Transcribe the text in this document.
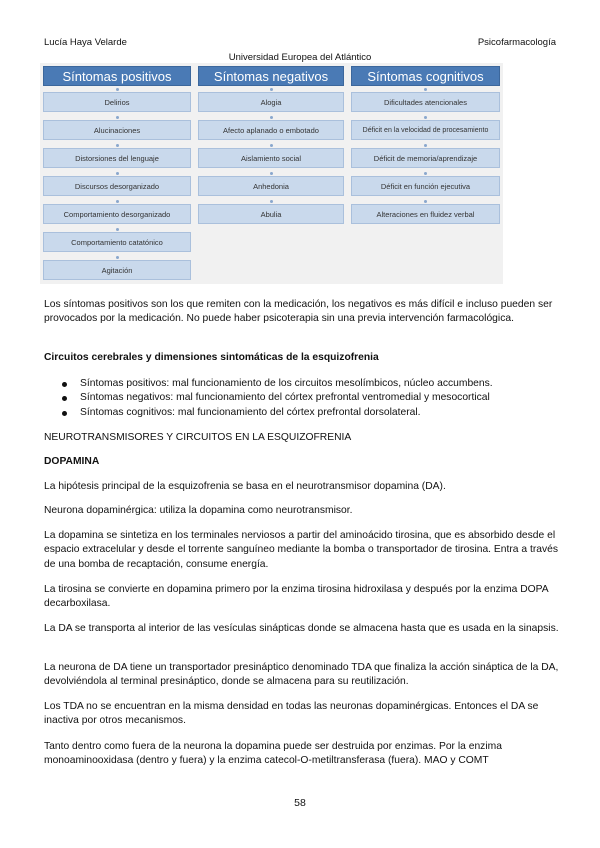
Lucía Haya Velarde	Psicofarmacología
Universidad Europea del Atlántico
Síntomas positivos
Delirios
Alucinaciones
Distorsiones del lenguaje
Discursos desorganizado
Comportamiento desorganizado
Comportamiento catatónico
Agitación
Síntomas negativos
Alogia
Afecto aplanado o embotado
Aislamiento social
Anhedonia
Abulia
Síntomas cognitivos
Dificultades atencionales
Déficit en la velocidad de procesamiento
Déficit de memoria/aprendizaje
Déficit en función ejecutiva
Alteraciones en fluidez verbal

Los síntomas positivos son los que remiten con la medicación, los negativos es más difícil e incluso pueden ser provocados por la medicación. No puede haber psicoterapia sin una previa intervención farmacológica.

Circuitos cerebrales y dimensiones sintomáticas de la esquizofrenia

Síntomas positivos: mal funcionamiento de los circuitos mesolímbicos, núcleo accumbens.
Síntomas negativos: mal funcionamiento del córtex prefrontal ventromedial y mesocortical
Síntomas cognitivos: mal funcionamiento del córtex prefrontal dorsolateral.

NEUROTRANSMISORES Y CIRCUITOS EN LA ESQUIZOFRENIA

DOPAMINA

La hipótesis principal de la esquizofrenia se basa en el neurotransmisor dopamina (DA).

Neurona dopaminérgica: utiliza la dopamina como neurotransmisor.

La dopamina se sintetiza en los terminales nerviosos a partir del aminoácido tirosina, que es absorbido desde el espacio extracelular y desde el torrente sanguíneo mediante la bomba o transportador de tirosina. Entra a través de una bomba de recaptación, consume energía.

La tirosina se convierte en dopamina primero por la enzima tirosina hidroxilasa y después por la enzima DOPA decarboxilasa.

La DA se transporta al interior de las vesículas sinápticas donde se almacena hasta que es usada en la sinapsis.

La neurona de DA tiene un transportador presináptico denominado TDA que finaliza la acción sináptica de la DA, devolviéndola al terminal presináptico, donde se almacena para su reutilización.

Los TDA no se encuentran en la misma densidad en todas las neuronas dopaminérgicas. Entonces el DA se inactiva por otros mecanismos.

Tanto dentro como fuera de la neurona la dopamina puede ser destruida por enzimas. Por la enzima monoaminooxidasa (dentro y fuera) y la enzima catecol-O-metiltransferasa (fuera). MAO y COMT

58
